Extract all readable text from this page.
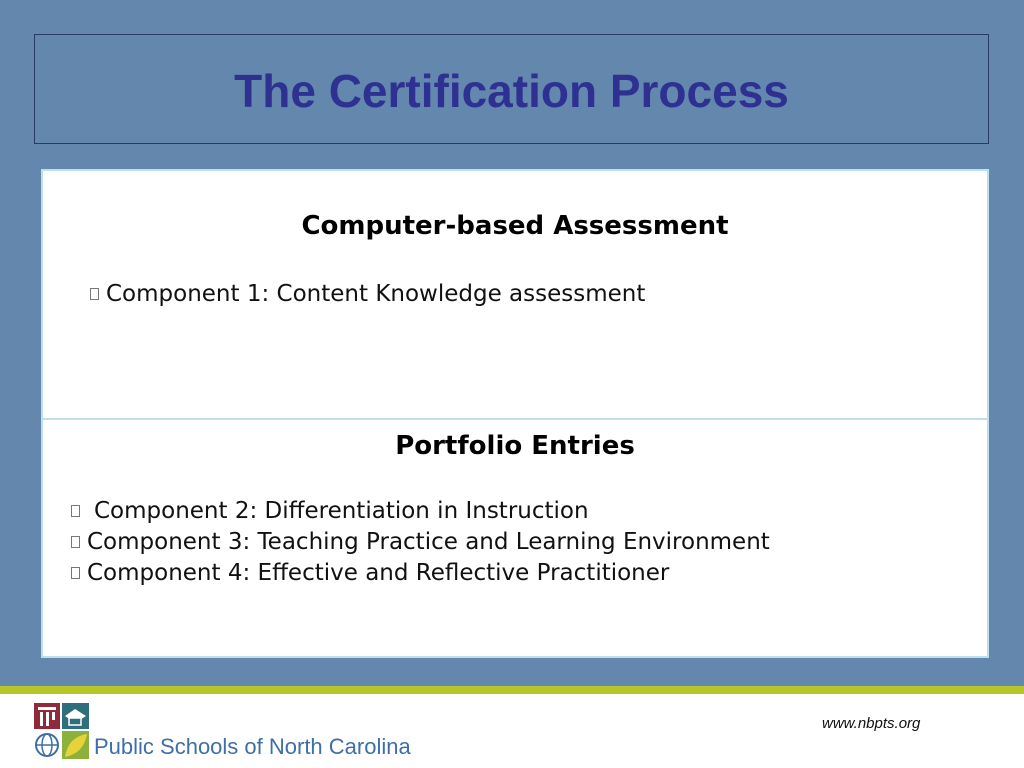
The Certification Process
Computer-based Assessment
Component 1: Content Knowledge assessment
Portfolio Entries
Component 2: Differentiation in Instruction
Component 3: Teaching Practice and Learning Environment
Component 4: Effective and Reflective Practitioner
Public Schools of North Carolina
www.nbpts.org
